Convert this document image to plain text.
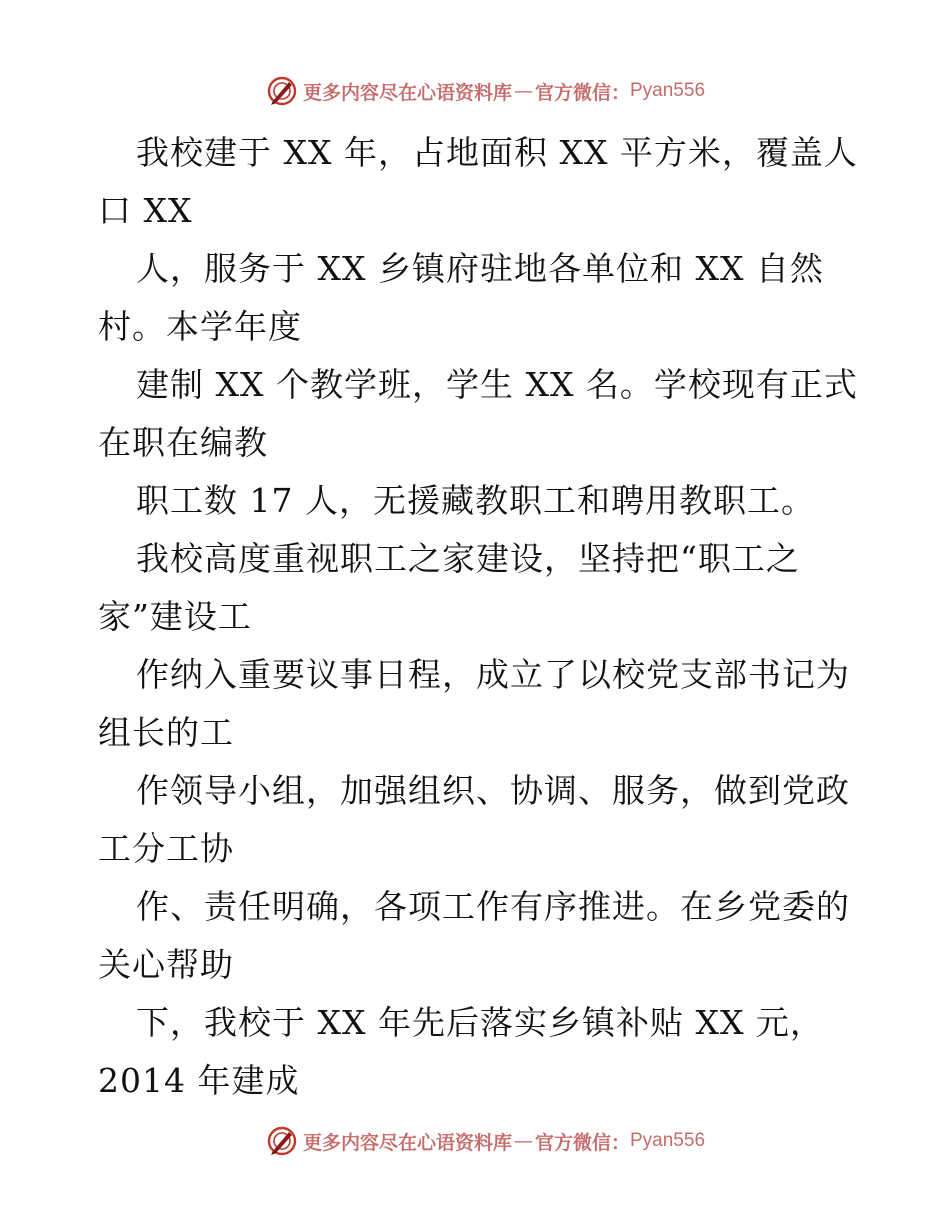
更多内容尽在心语资料库 — 官方微信： Pyan556
我校建于 XX 年，占地面积 XX 平方米，覆盖人
口 XX
人，服务于 XX 乡镇府驻地各单位和 XX 自然
村。本学年度
建制 XX 个教学班，学生 XX 名。学校现有正式
在职在编教
职工数 17 人，无援藏教职工和聘用教职工。
我校高度重视职工之家建设，坚持把“职工之
家”建设工
作纳入重要议事日程，成立了以校党支部书记为
组长的工
作领导小组，加强组织、协调、服务，做到党政
工分工协
作、责任明确，各项工作有序推进。在乡党委的
关心帮助
下，我校于 XX 年先后落实乡镇补贴 XX 元，
2014 年建成
更多内容尽在心语资料库 — 官方微信： Pyan556
